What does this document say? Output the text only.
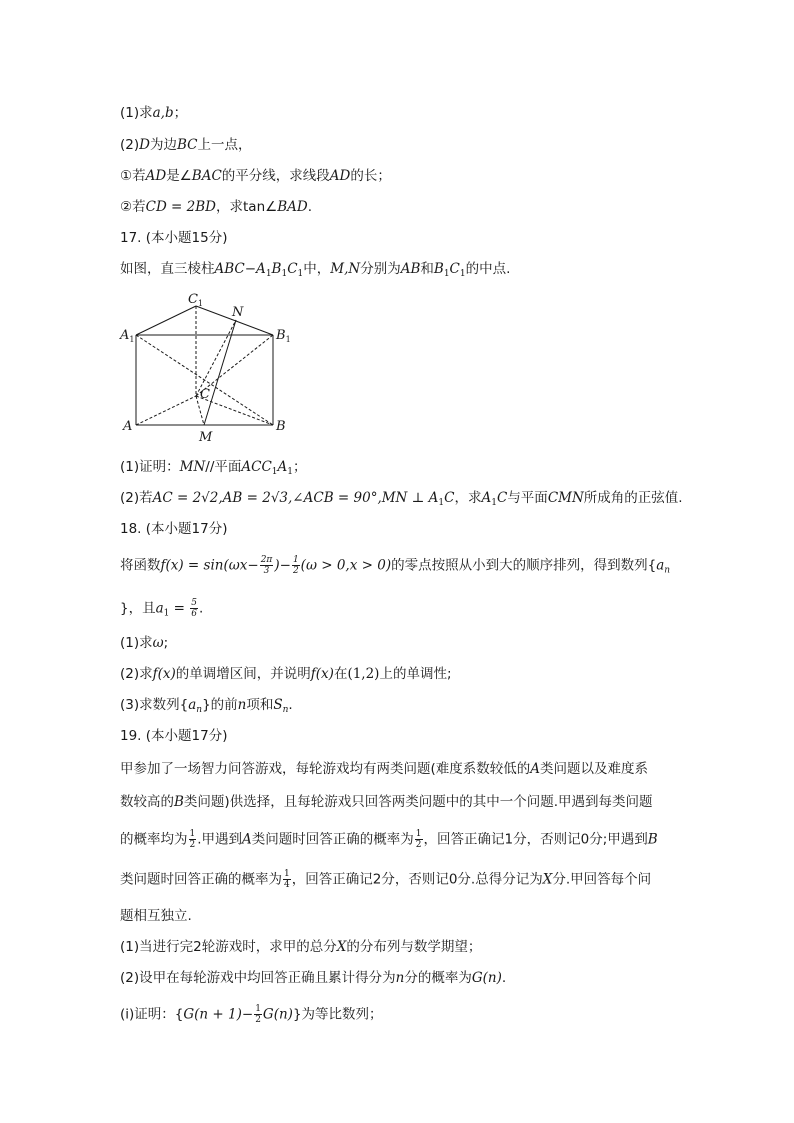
(1)求a,b；
(2)D为边BC上一点，
①若AD是∠BAC的平分线，求线段AD的长；
②若CD = 2BD，求tan∠BAD.
17. (本小题15分)
如图，直三棱柱$ABC-A_1B_1C_1$中，M,N分别为AB和$B_1C_1$的中点.
$C_1$
N
$A_1$	$B_1$
C
A
M
B
(1)证明：MN//平面$ACC_1A_1$；
(2)若AC = 2√2,AB = 2√3,∠ACB = 90°,MN ⊥ $A_1C$，求$A_1C$与平面CMN所成角的正弦值.
18. (本小题17分)
将函数$f(x) = \sin(\omega x- \frac{2\pi}{3}$ )− $\frac{1}{2} (\omega > 0,x > 0)$的零点按照从小到大的顺序排列，得到数列{$a_n$
}，且$a_1 = \frac{5}{6}$ .
(1)求ω;
(2)求f(x)的单调增区间，并说明f(x)在(1,2)上的单调性;
(3)求数列$\{a_n\}$的前n项和$S_n$.
19. (本小题17分)
甲参加了一场智力问答游戏，每轮游戏均有两类问题(难度系数较低的A类问题以及难度系
数较高的B类问题)供选择，且每轮游戏只回答两类问题中的其中一个问题.甲遇到每类问题
的概率均为 $\frac{1}{2}$ .甲遇到A类问题时回答正确的概率为 $\frac{1}{2}$ ，回答正确记1分，否则记0分;甲遇到B
类问题时回答正确的概率为 $\frac{1}{4}$ ，回答正确记2分，否则记0分.总得分记为X分.甲回答每个问
题相互独立.
(1)当进行完2轮游戏时，求甲的总分X的分布列与数学期望；
(2)设甲在每轮游戏中均回答正确且累计得分为n分的概率为G(n).
(ⅰ)证明：$\{G(n + 1)- \frac{1}{2} G(n)\}$为等比数列；
